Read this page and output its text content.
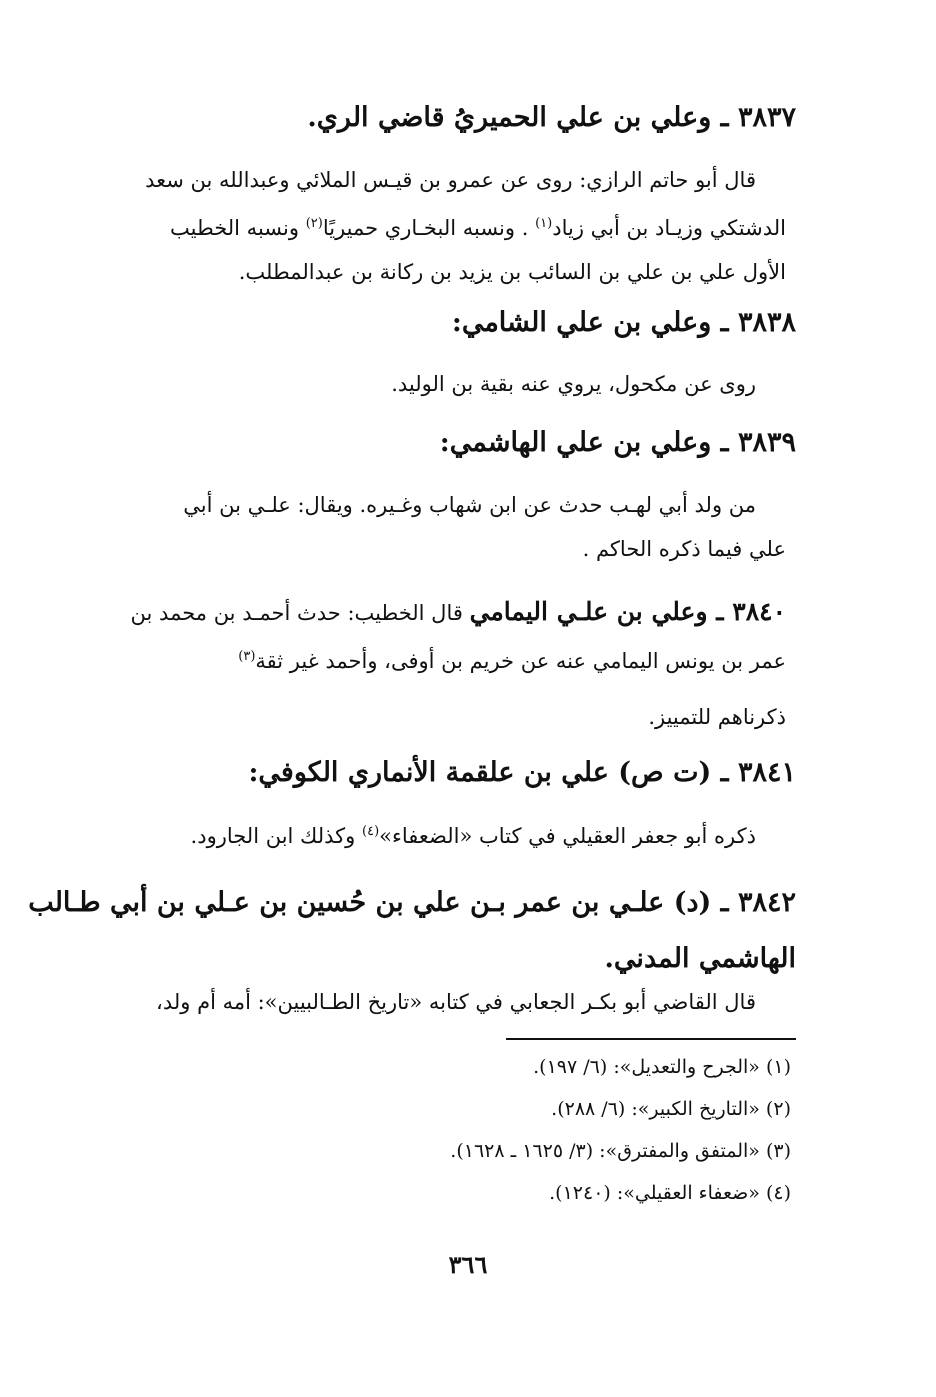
٣٨٣٧ ـ وعلي بن علي الحميريُ قاضي الري.
قال أبو حاتم الرازي: روى عن عمرو بن قيـس الملائي وعبدالله بن سعد
الدشتكي وزيـاد بن أبي زياد$^{(١)}$ . ونسبه البخـاري حميريًا$^{(٢)}$ ونسبه الخطيب
الأول علي بن علي بن السائب بن يزيد بن ركانة بن عبدالمطلب.
٣٨٣٨ ـ وعلي بن علي الشامي:
روى عن مكحول، يروي عنه بقية بن الوليد.
٣٨٣٩ ـ وعلي بن علي الهاشمي:
من ولد أبي لهـب حدث عن ابن شهاب وغـيره. ويقال: علـي بن أبي
علي فيما ذكره الحاكم .
٣٨٤٠ ـ وعلي بن علـي اليمامي قال الخطيب: حدث أحمـد بن محمد بن
عمر بن يونس اليمامي عنه عن خريم بن أوفى، وأحمد غير ثقة$^{(٣)}$
ذكرناهم للتمييز.
٣٨٤١ ـ (ت ص) علي بن علقمة الأنماري الكوفي:
ذكره أبو جعفر العقيلي في كتاب «الضعفاء»$^{(٤)}$ وكذلك ابن الجارود.
٣٨٤٢ ـ (د) علـي بن عمر بـن علي بن حُسين بن عـلي بن أبي طـالب
الهاشمي المدني.
قال القاضي أبو بكـر الجعابي في كتابه «تاريخ الطـالبيين»: أمه أم ولد،
(١) «الجرح والتعديل»: (٦/ ١٩٧).
(٢) «التاريخ الكبير»: (٦/ ٢٨٨).
(٣) «المتفق والمفترق»: (٣/ ١٦٢٥ ـ ١٦٢٨).
(٤) «ضعفاء العقيلي»: (١٢٤٠).
٣٦٦
